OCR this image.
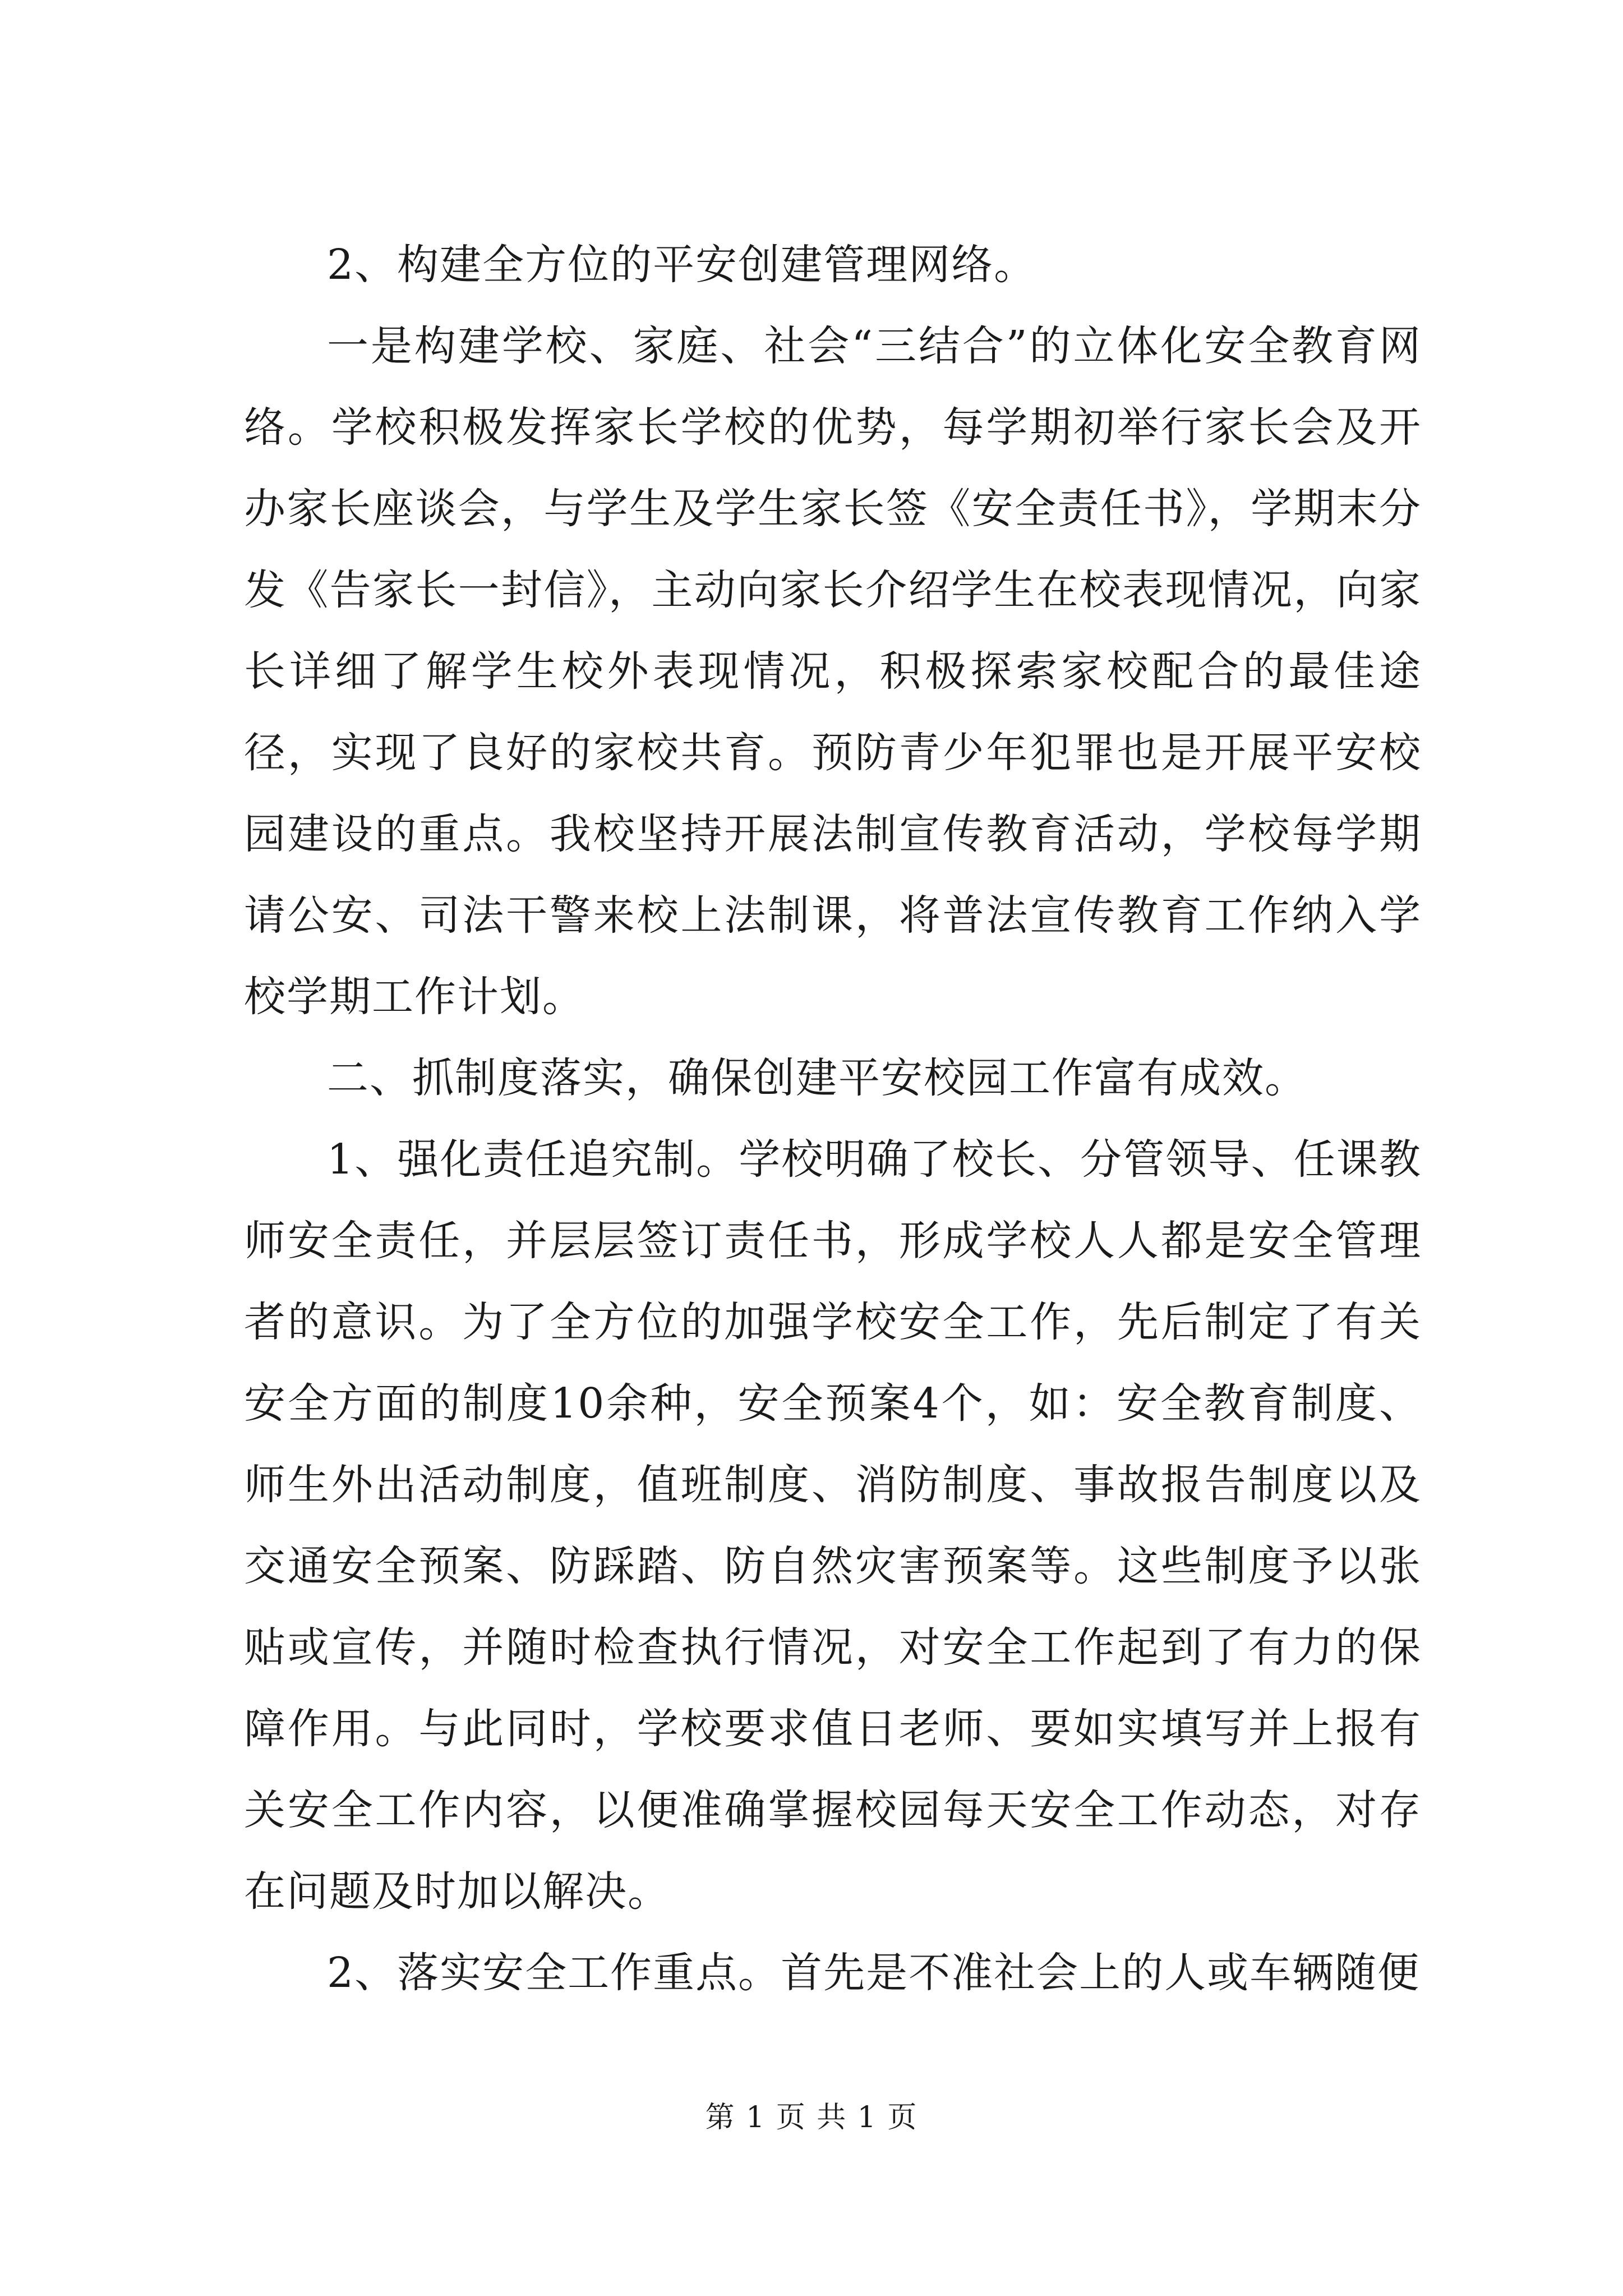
2、构建全方位的平安创建管理网络。

一是构建学校、家庭、社会“三结合”的立体化安全教育网络。学校积极发挥家长学校的优势，每学期初举行家长会及开办家长座谈会，与学生及学生家长签《安全责任书》，学期末分发《告家长一封信》，主动向家长介绍学生在校表现情况，向家长详细了解学生校外表现情况，积极探索家校配合的最佳途径，实现了良好的家校共育。预防青少年犯罪也是开展平安校园建设的重点。我校坚持开展法制宣传教育活动，学校每学期请公安、司法干警来校上法制课，将普法宣传教育工作纳入学校学期工作计划。

二、抓制度落实，确保创建平安校园工作富有成效。

1、强化责任追究制。学校明确了校长、分管领导、任课教师安全责任，并层层签订责任书，形成学校人人都是安全管理者的意识。为了全方位的加强学校安全工作，先后制定了有关安全方面的制度10余种，安全预案4个，如：安全教育制度、师生外出活动制度，值班制度、消防制度、事故报告制度以及交通安全预案、防踩踏、防自然灾害预案等。这些制度予以张贴或宣传，并随时检查执行情况，对安全工作起到了有力的保障作用。与此同时，学校要求值日老师、要如实填写并上报有关安全工作内容，以便准确掌握校园每天安全工作动态，对存在问题及时加以解决。

2、落实安全工作重点。首先是不准社会上的人或车辆随便

第 1 页 共 1 页
